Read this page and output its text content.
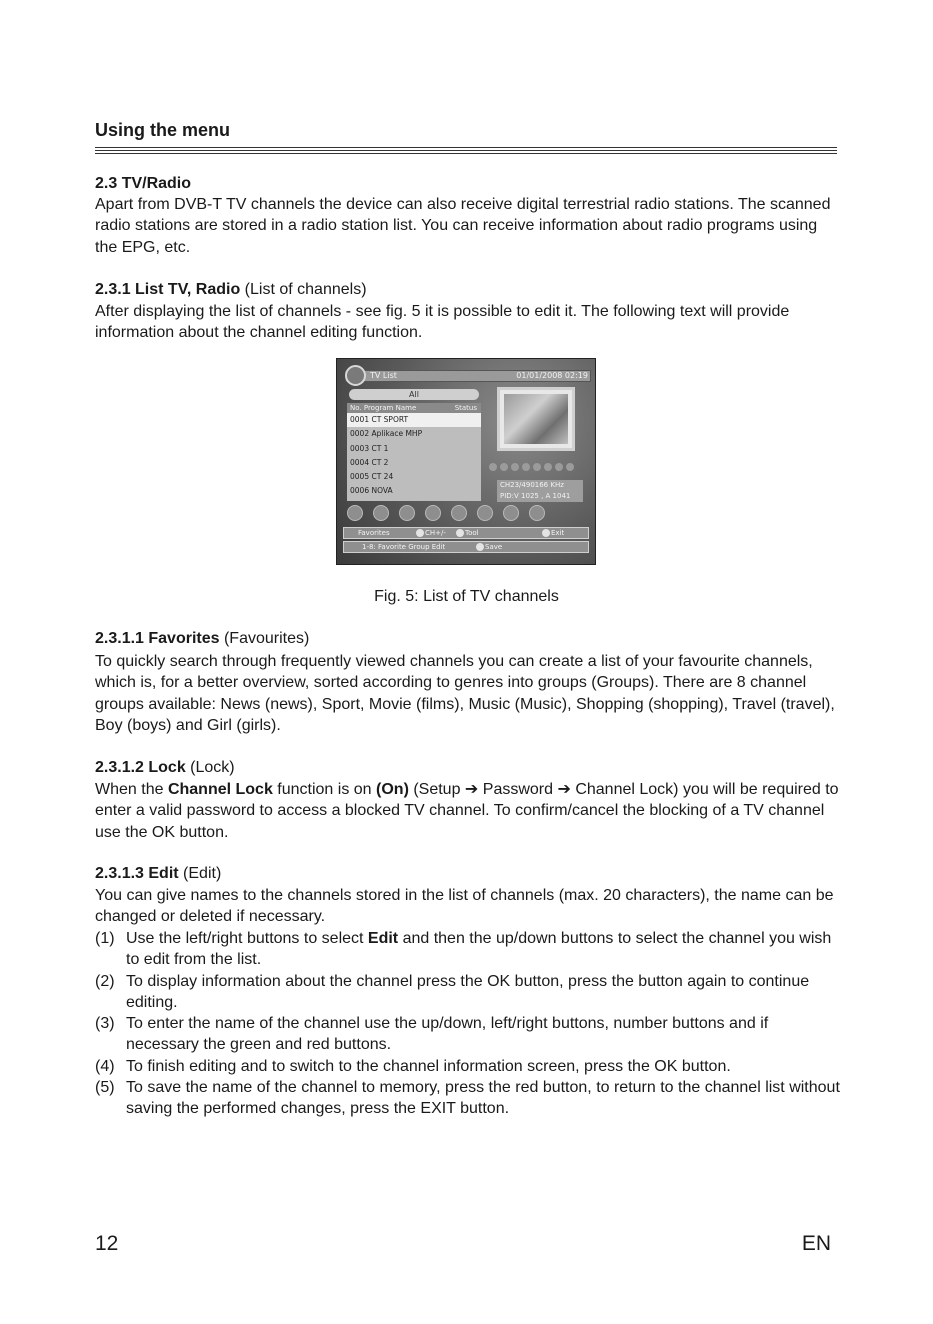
Using the menu
2.3 TV/Radio

Apart from DVB-T TV channels the device can also receive digital terrestrial radio stations. The scanned radio stations are stored in a radio station list. You can receive information about radio programs using the EPG, etc.

2.3.1 List TV, Radio (List of channels)

After displaying the list of channels - see fig. 5 it is possible to edit it. The following text will provide information about the channel editing function.

TV List	01/01/2008 02:19
All
No. Program Name	Status
0001 CT SPORT
0002 Aplikace MHP
0003 CT 1
0004 CT 2
0005 CT 24
0006 NOVA
CH23/490166 KHz
PID:V 1025 , A 1041
Favorites	CH+/-	Tool	Exit
1-8: Favorite Group Edit	Save
Fig. 5: List of TV channels
2.3.1.1 Favorites (Favourites)

To quickly search through frequently viewed channels you can create a list of your favourite channels, which is, for a better overview, sorted according to genres into groups (Groups). There are 8 channel groups available: News (news), Sport, Movie (films), Music (Music), Shopping (shopping), Travel (travel), Boy (boys) and Girl (girls).

2.3.1.2 Lock (Lock)

When the Channel Lock function is on (On) (Setup ➔ Password ➔ Channel Lock) you will be required to enter a valid password to access a blocked TV channel. To confirm/cancel the blocking of a TV channel use the OK button.

2.3.1.3 Edit (Edit)

You can give names to the channels stored in the list of channels (max. 20 characters), the name can be changed or deleted if necessary.

(1) Use the left/right buttons to select Edit and then the up/down buttons to select the channel you wish to edit from the list.
(2) To display information about the channel press the OK button, press the button again to continue editing.
(3) To enter the name of the channel use the up/down, left/right buttons, number buttons and if necessary the green and red buttons.
(4) To finish editing and to switch to the channel information screen, press the OK button.
(5) To save the name of the channel to memory, press the red button, to return to the channel list without saving the performed changes, press the EXIT button.
12	EN
